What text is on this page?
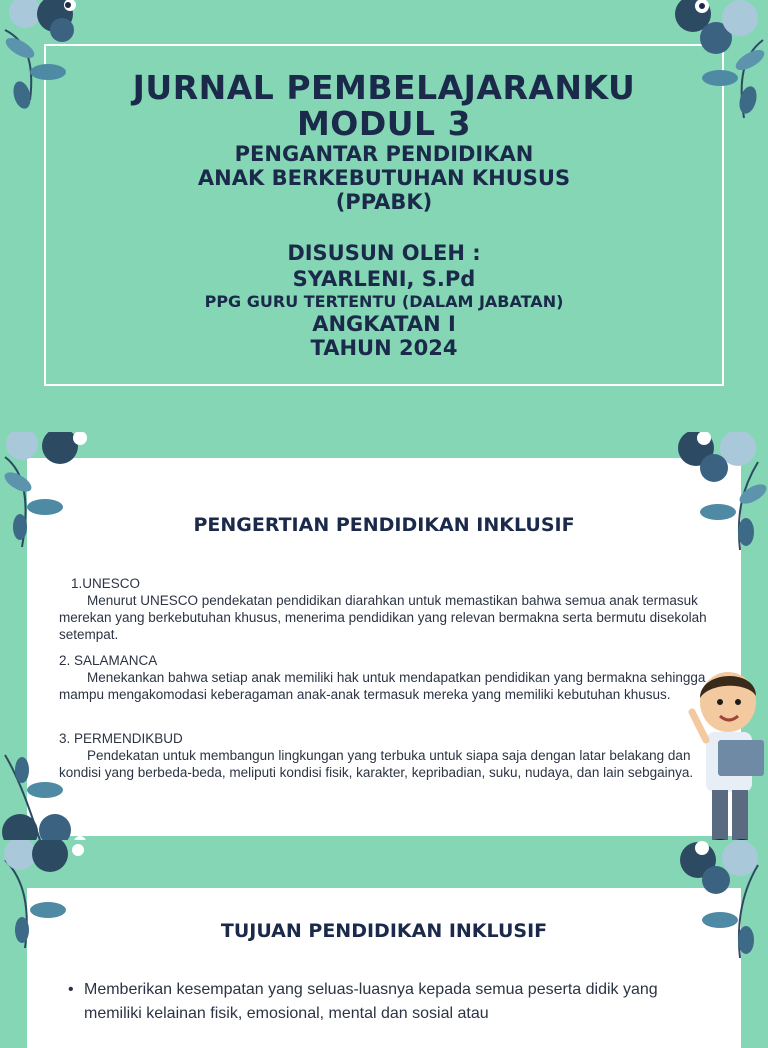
JURNAL PEMBELAJARANKU
MODUL 3
PENGANTAR PENDIDIKAN
ANAK BERKEBUTUHAN KHUSUS
(PPABK)
DISUSUN OLEH :
SYARLENI, S.Pd
PPG GURU TERTENTU (DALAM JABATAN)
ANGKATAN I
TAHUN 2024
PENGERTIAN PENDIDIKAN INKLUSIF
1.UNESCO
Menurut UNESCO pendekatan pendidikan diarahkan untuk memastikan bahwa semua anak termasuk merekan yang berkebutuhan khusus, menerima pendidikan yang relevan bermakna serta bermutu disekolah setempat.
2. SALAMANCA
Menekankan bahwa setiap anak memiliki hak untuk mendapatkan pendidikan yang bermakna sehingga mampu mengakomodasi keberagaman anak-anak termasuk mereka yang memiliki kebutuhan khusus.
3. PERMENDIKBUD
Pendekatan untuk membangun lingkungan yang terbuka untuk siapa saja dengan latar belakang dan kondisi yang berbeda-beda, meliputi kondisi fisik, karakter, kepribadian, suku, nudaya, dan lain sebgainya.
TUJUAN PENDIDIKAN INKLUSIF
• Memberikan kesempatan yang seluas-luasnya kepada semua peserta didik yang memiliki kelainan fisik, emosional, mental dan sosial atau
